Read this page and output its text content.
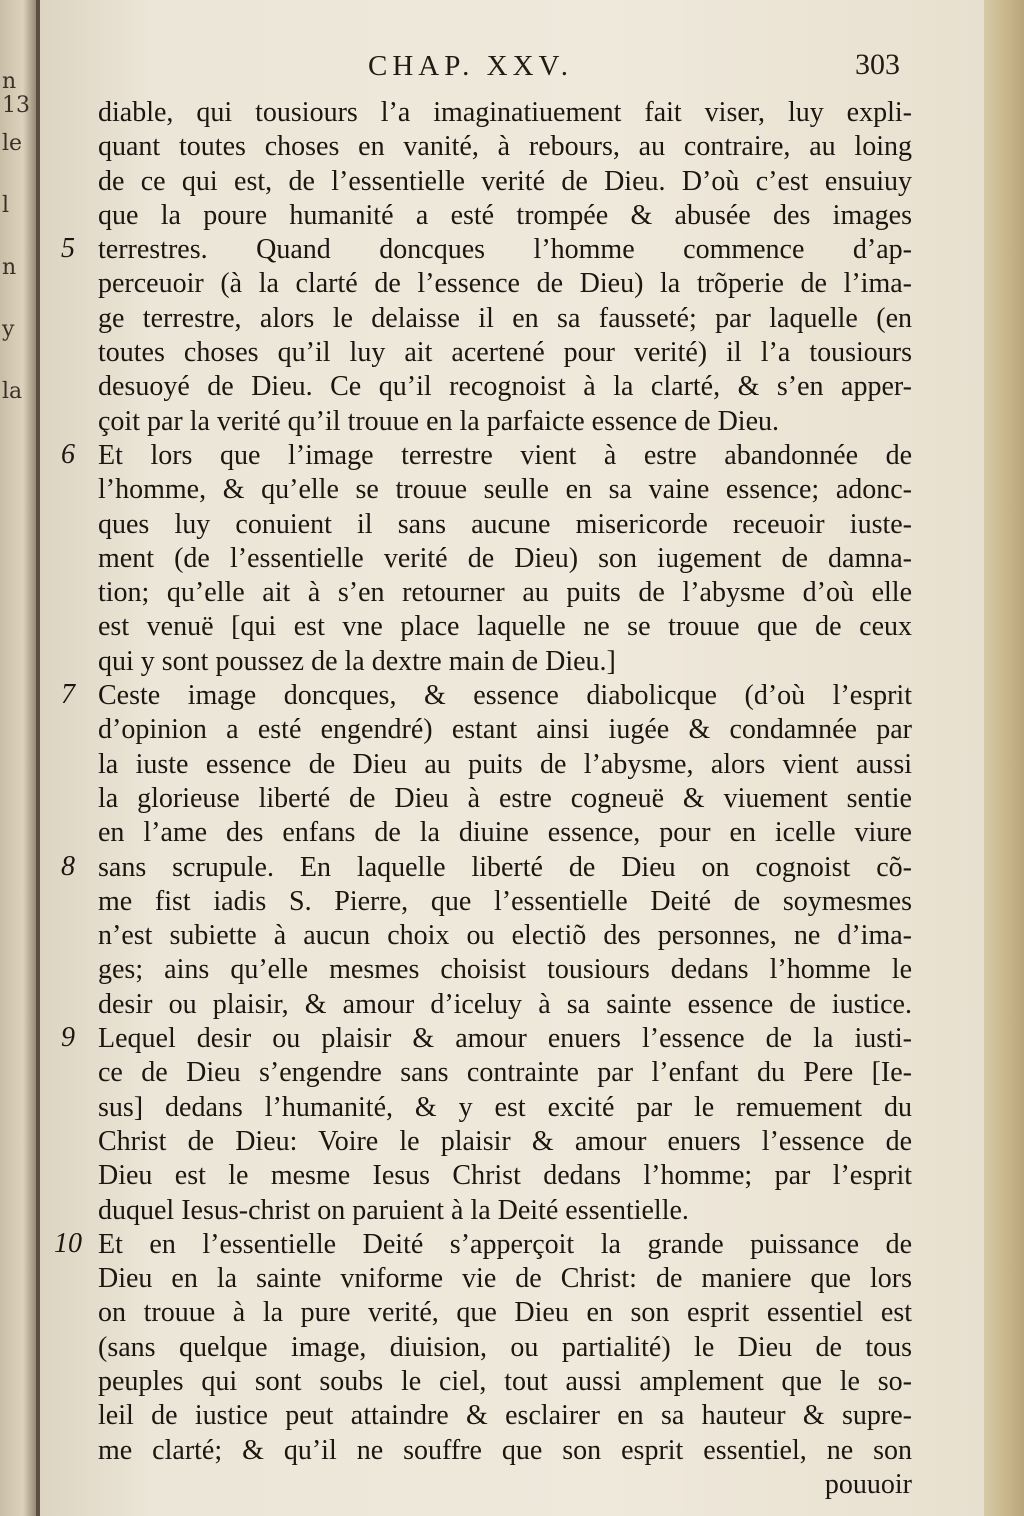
n 13
le
l
n
y
la
CHAP. XXV.	303
diable, qui tousiours l’a imaginatiuement fait viser, luy expli-
quant toutes choses en vanité, à rebours, au contraire, au loing
de ce qui est, de l’essentielle verité de Dieu. D’où c’est ensuiuy
que la poure humanité a esté trompée & abusée des images
terrestres. Quand doncques l’homme commence d’ap-
perceuoir (à la clarté de l’essence de Dieu) la trõperie de l’ima-
ge terrestre, alors le delaisse il en sa fausseté; par laquelle (en
toutes choses qu’il luy ait acertené pour verité) il l’a tousiours
desuoyé de Dieu. Ce qu’il recognoist à la clarté, & s’en apper-
çoit par la verité qu’il trouue en la parfaicte essence de Dieu.
Et lors que l’image terrestre vient à estre abandonnée de
l’homme, & qu’elle se trouue seulle en sa vaine essence; adonc-
ques luy conuient il sans aucune misericorde receuoir iuste-
ment (de l’essentielle verité de Dieu) son iugement de damna-
tion; qu’elle ait à s’en retourner au puits de l’abysme d’où elle
est venuë [qui est vne place laquelle ne se trouue que de ceux
qui y sont poussez de la dextre main de Dieu.]
Ceste image doncques, & essence diabolicque (d’où l’esprit
d’opinion a esté engendré) estant ainsi iugée & condamnée par
la iuste essence de Dieu au puits de l’abysme, alors vient aussi
la glorieuse liberté de Dieu à estre cogneuë & viuement sentie
en l’ame des enfans de la diuine essence, pour en icelle viure
sans scrupule. En laquelle liberté de Dieu on cognoist cõ-
me fist iadis S. Pierre, que l’essentielle Deité de soymesmes
n’est subiette à aucun choix ou electiõ des personnes, ne d’ima-
ges; ains qu’elle mesmes choisist tousiours dedans l’homme le
desir ou plaisir, & amour d’iceluy à sa sainte essence de iustice.
Lequel desir ou plaisir & amour enuers l’essence de la iusti-
ce de Dieu s’engendre sans contrainte par l’enfant du Pere [Ie-
sus] dedans l’humanité, & y est excité par le remuement du
Christ de Dieu: Voire le plaisir & amour enuers l’essence de
Dieu est le mesme Iesus Christ dedans l’homme; par l’esprit
duquel Iesus-christ on paruient à la Deité essentielle.
Et en l’essentielle Deité s’apperçoit la grande puissance de
Dieu en la sainte vniforme vie de Christ: de maniere que lors
on trouue à la pure verité, que Dieu en son esprit essentiel est
(sans quelque image, diuision, ou partialité) le Dieu de tous
peuples qui sont soubs le ciel, tout aussi amplement que le so-
leil de iustice peut attaindre & esclairer en sa hauteur & supre-
me clarté; & qu’il ne souffre que son esprit essentiel, ne son
pouuoir
5
6
7
8
9
10
